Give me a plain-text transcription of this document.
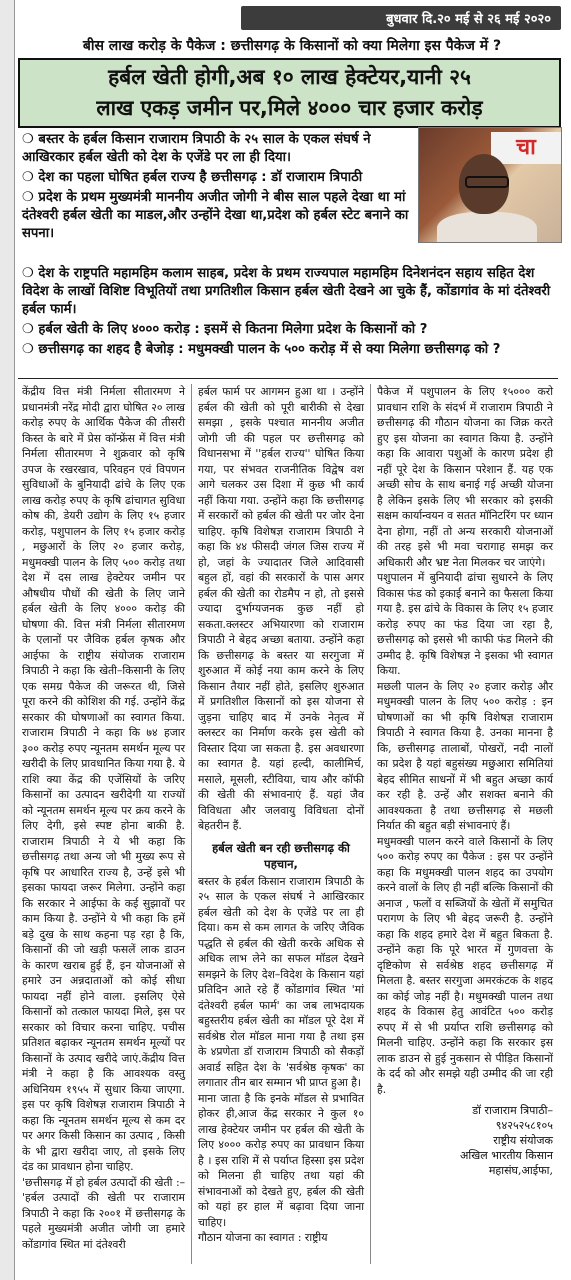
बुधवार दि.२० मई से २६ मई २०२०
बीस लाख करोड़ के पैकेज : छत्तीसगढ़ के किसानों को क्या मिलेगा इस पैकेज में ?
हर्बल खेती होगी,अब १० लाख हेक्टेयर,यानी २५
लाख एकड़ जमीन पर,मिले ४००० चार हजार करोड़

❍ बस्तर के हर्बल किसान राजाराम त्रिपाठी के २५ साल के एकल संघर्ष ने आखिरकार हर्बल खेती को देश के एजेंडे पर ला ही दिया।

❍ देश का पहला घोषित हर्बल राज्य है छत्तीसगढ़ : डॉ राजाराम त्रिपाठी

❍ प्रदेश के प्रथम मुख्यमंत्री माननीय अजीत जोगी ने बीस साल पहले देखा था मां दंतेश्वरी हर्बल खेती का माडल,और उन्होंने देखा था,प्रदेश को हर्बल स्टेट बनाने का सपना।

चा

❍ देश के राष्ट्रपति महामहिम कलाम साहब, प्रदेश के प्रथम राज्यपाल महामहिम दिनेशनंदन सहाय सहित देश विदेश के लाखों विशिष्ट विभूतियों तथा प्रगतिशील किसान हर्बल खेती देखने आ चुके हैं, कोंडागांव के मां दंतेश्वरी हर्बल फार्म।

❍ हर्बल खेती के लिए ४००० करोड़ : इसमें से कितना मिलेगा प्रदेश के किसानों को ?

❍ छत्तीसगढ़ का शहद है बेजोड़ : मधुमक्खी पालन के ५०० करोड़ में से क्या मिलेगा छत्तीसगढ़ को ?

केंद्रीय वित्त मंत्री निर्मला सीतारमण ने प्रधानमंत्री नरेंद्र मोदी द्वारा घोषित २० लाख करोड़ रुपए के आर्थिक पैकेज की तीसरी किस्त के बारे में प्रेस कॉन्फ्रेंस में वित्त मंत्री निर्मला सीतारमण ने शुक्रवार को कृषि उपज के रखरखाव, परिवहन एवं विपणन सुविधाओं के बुनियादी ढांचे के लिए एक लाख करोड़ रुपए के कृषि ढांचागत सुविधा कोष की, डेयरी उद्योग के लिए १५ हजार करोड़, पशुपालन के लिए १५ हजार करोड़ , मछुआरों के लिए २० हजार करोड़, मधुमक्खी पालन के लिए ५०० करोड़ तथा देश में दस लाख हेक्टेयर जमीन पर औषधीय पौधों की खेती के लिए जाने हर्बल खेती के लिए ४००० करोड़ की घोषणा की. वित्त मंत्री निर्मला सीतारमण के एलानों पर जैविक हर्बल कृषक और आईफा के राष्ट्रीय संयोजक राजाराम त्रिपाठी ने कहा कि खेती–किसानी के लिए एक समग्र पैकेज की जरूरत थी, जिसे पूरा करने की कोशिश की गई. उन्होंने केंद्र सरकार की घोषणाओं का स्वागत किया. राजाराम त्रिपाठी ने कहा कि ७४ हजार ३०० करोड़ रुपए न्यूनतम समर्थन मूल्य पर खरीदी के लिए प्रावधानित किया गया है. ये राशि क्या केंद्र की एजेंसियों के जरिए किसानों का उत्पादन खरीदेगी या राज्यों को न्यूनतम समर्थन मूल्य पर क्रय करने के लिए देगी, इसे स्पष्ट होना बाकी है. राजाराम त्रिपाठी ने ये भी कहा कि छत्तीसगढ़ तथा अन्य जो भी मुख्य रूप से कृषि पर आधारित राज्य है, उन्हें इसे भी इसका फायदा जरूर मिलेगा. उन्होंने कहा कि सरकार ने आईफा के कई सुझावों पर काम किया है. उन्होंने ये भी कहा कि हमें बड़े दुख के साथ कहना पड़ रहा है कि, किसानों की जो खड़ी फसलें लाक डाउन के कारण खराब हुई हैं, इन योजनाओं से हमारे उन अन्नदाताओं को कोई सीधा फायदा नहीं होने वाला. इसलिए ऐसे किसानों को तत्काल फायदा मिले, इस पर सरकार को विचार करना चाहिए. पचीस प्रतिशत बढ़ाकर न्यूनतम समर्थन मूल्यों पर किसानों के उत्पाद खरीदे जाएं.केंद्रीय वित्त मंत्री ने कहा है कि आवश्यक वस्तु अधिनियम १९५५ में सुधार किया जाएगा. इस पर कृषि विशेषज्ञ राजाराम त्रिपाठी ने कहा कि न्यूनतम समर्थन मूल्य से कम दर पर अगर किसी किसान का उत्पाद , किसी के भी द्वारा खरीदा जाए, तो इसके लिए दंड का प्रावधान होना चाहिए.

'छत्तीसगढ़ में हो हर्बल उत्पादों की खेती :– 'हर्बल उत्पादों की खेती पर राजाराम त्रिपाठी ने कहा कि २००१ में छत्तीसगढ़ के पहले मुख्यमंत्री अजीत जोगी जा हमारे कोंडागांव स्थित मां दंतेश्वरी

हर्बल फार्म पर आगमन हुआ था । उन्होंने हर्बल की खेती को पूरी बारीकी से देखा समझा , इसके पश्चात माननीय अजीत जोगी जी की पहल पर छत्तीसगढ़ को विधानसभा में ''हर्बल राज्य'' घोषित किया गया, पर संभवत राजनीतिक विद्वेष वश आगे चलकर उस दिशा में कुछ भी कार्य नहीं किया गया. उन्होंने कहा कि छत्तीसगढ़ में सरकारों को हर्बल की खेती पर जोर देना चाहिए. कृषि विशेषज्ञ राजाराम त्रिपाठी ने कहा कि ४४ फीसदी जंगल जिस राज्य में हो, जहां के ज्यादातर जिले आदिवासी बहुल हों, वहां की सरकारों के पास अगर हर्बल की खेती का रोडमैप न हो, तो इससे ज्यादा दुर्भाग्यजनक कुछ नहीं हो सकता.क्लस्टर अभियारणा को राजाराम त्रिपाठी ने बेहद अच्छा बताया. उन्होंने कहा कि छत्तीसगढ़ के बस्तर या सरगुजा में शुरुआत में कोई नया काम करने के लिए किसान तैयार नहीं होते, इसलिए शुरुआत में प्रगतिशील किसानों को इस योजना से जुड़ना चाहिए बाद में उनके नेतृत्व में क्लस्टर का निर्माण करके इस खेती को विस्तार दिया जा सकता है. इस अवधारणा का स्वागत है. यहां हल्दी, कालीमिर्च, मसाले, मूसली, स्टीविया, चाय और कॉफी की खेती की संभावनाएं हैं. यहां जैव विविधता और जलवायु विविधता दोनों बेहतरीन हैं.

हर्बल खेती बन रही छत्तीसगढ़ की पहचान,

बस्तर के हर्बल किसान राजाराम त्रिपाठी के २५ साल के एकल संघर्ष ने आखिरकार हर्बल खेती को देश के एजेंडे पर ला ही दिया। कम से कम लागत के जरिए जैविक पद्धति से हर्बल की खेती करके अधिक से अधिक लाभ लेने का सफल मॉडल देखने समझने के लिए देश–विदेश के किसान यहां प्रतिदिन आते रहे हैं कोंडागांव स्थित 'मां दंतेश्वरी हर्बल फार्म' का जब लाभदायक बहुस्तरीय हर्बल खेती का मॉडल पूरे देश में सर्वश्रेष्ठ रोल मॉडल माना गया है तथा इस के ४प्रणेता डॉ राजाराम त्रिपाठी को सैकड़ों अवार्ड सहित देश के 'सर्वश्रेष्ठ कृषक' का लगातार तीन बार सम्मान भी प्राप्त हुआ है।

माना जाता है कि इनके मॉडल से प्रभावित होकर ही,आज केंद्र सरकार ने कुल १० लाख हेक्टेयर जमीन पर हर्बल की खेती के लिए ४००० करोड़ रुपए का प्रावधान किया है । इस राशि में से पर्याप्त हिस्सा इस प्रदेश को मिलना ही चाहिए तथा यहां की संभावनाओं को देखते हुए, हर्बल की खेती को यहां हर हाल में बढ़ावा दिया जाना चाहिए।

गौठान योजना का स्वागत : राष्ट्रीय

पैकेज में पशुपालन के लिए १५००० करो प्रावधान राशि के संदर्भ में राजाराम त्रिपाठी ने छत्तीसगढ़ की गौठान योजना का जिक्र करते हुए इस योजना का स्वागत किया है. उन्होंने कहा कि आवारा पशुओं के कारण प्रदेश ही नहीं पूरे देश के किसान परेशान हैं. यह एक अच्छी सोच के साथ बनाई गई अच्छी योजना है लेकिन इसके लिए भी सरकार को इसकी सक्षम कार्यान्वयन व सतत मॉनिटरिंग पर ध्यान देना होगा, नहीं तो अन्य सरकारी योजनाओं की तरह इसे भी मवा चरागाह समझ कर अधिकारी और भ्रष्ट नेता मिलकर चर जाएंगे।

पशुपालन में बुनियादी ढांचा सुधारने के लिए विकास फंड को इकाई बनाने का फैसला किया गया है. इस ढांचे के विकास के लिए १५ हजार करोड़ रुपए का फंड दिया जा रहा है, छत्तीसगढ़ को इससे भी काफी फंड मिलने की उम्मीद है. कृषि विशेषज्ञ ने इसका भी स्वागत किया.

मछली पालन के लिए २० हजार करोड़ और मधुमक्खी पालन के लिए ५०० करोड़ : इन घोषणाओं का भी कृषि विशेषज्ञ राजाराम त्रिपाठी ने स्वागत किया है. उनका मानना है कि, छत्तीसगढ़ तालाबों, पोखरों, नदी नालों का प्रदेश है यहां बहुसंख्य मछुआरा समितियां बेहद सीमित साधनों में भी बहुत अच्छा कार्य कर रही है. उन्हें और सशक्त बनाने की आवश्यकता है तथा छत्तीसगढ़ से मछली निर्यात की बहुत बड़ी संभावनाएं हैं।

मधुमक्खी पालन करने वाले किसानों के लिए ५०० करोड़ रुपए का पैकेज : इस पर उन्होंने कहा कि मधुमक्खी पालन शहद का उपयोग करने वालों के लिए ही नहीं बल्कि किसानों की अनाज , फलों व सब्जियों के खेतों में समुचित परागण के लिए भी बेहद जरूरी है. उन्होंने कहा कि शहद हमारे देश में बहुत बिकता है. उन्होंने कहा कि पूरे भारत में गुणवत्ता के दृष्टिकोण से सर्वश्रेष्ठ शहद छत्तीसगढ़ में मिलता है. बस्तर सरगुजा अमरकंटक के शहद का कोई जोड़ नहीं है। मधुमक्खी पालन तथा शहद के विकास हेतु आवंटित ५०० करोड़ रुपए में से भी प्रर्याप्त राशि छत्तीसगढ़ को मिलनी चाहिए. उन्होंने कहा कि सरकार इस लाक डाउन से हुई नुकसान से पीड़ित किसानों के दर्द को और समझे यही उम्मीद की जा रही है.

डॉ राजाराम त्रिपाठी–
९४२५२५८१०५
राष्ट्रीय संयोजक
अखिल भारतीय किसान
महासंघ,आईफा,
